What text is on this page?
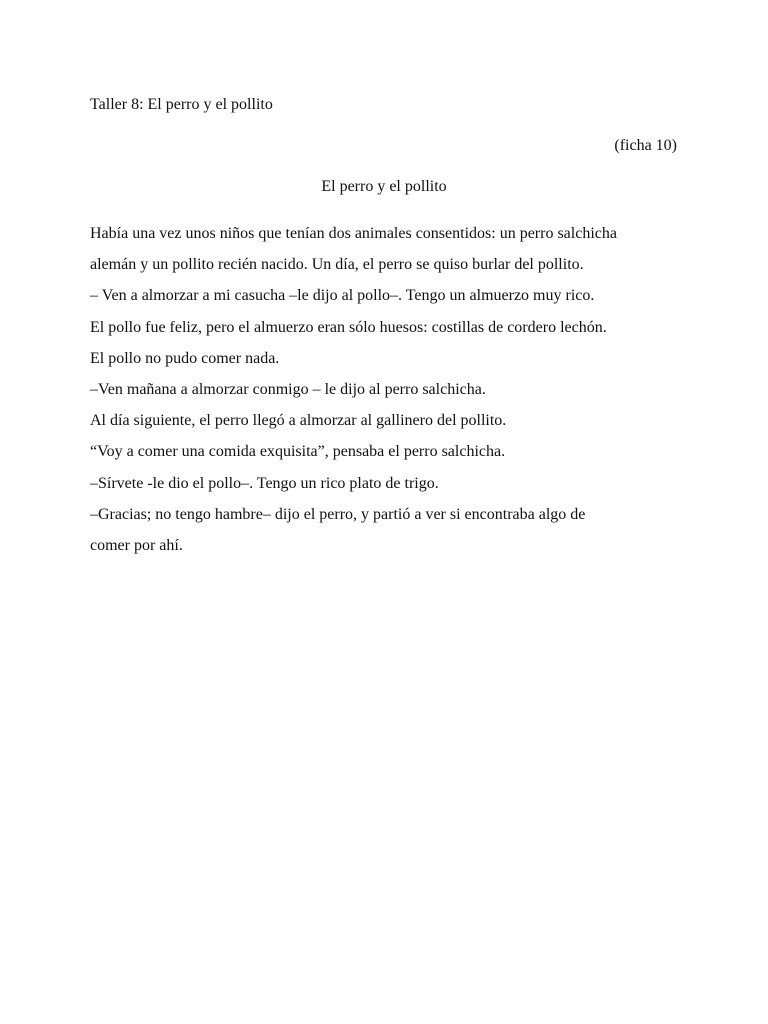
Taller 8: El perro y el pollito
(ficha 10)
El perro y el pollito
Había una vez unos niños que tenían dos animales consentidos: un perro salchicha
alemán y un pollito recién nacido. Un día, el perro se quiso burlar del pollito.
– Ven a almorzar a mi casucha –le dijo al pollo–. Tengo un almuerzo muy rico.
El pollo fue feliz, pero el almuerzo eran sólo huesos: costillas de cordero lechón.
El pollo no pudo comer nada.
–Ven mañana a almorzar conmigo – le dijo al perro salchicha.
Al día siguiente, el perro llegó a almorzar al gallinero del pollito.
“Voy a comer una comida exquisita”, pensaba el perro salchicha.
–Sírvete -le dio el pollo–. Tengo un rico plato de trigo.
–Gracias; no tengo hambre– dijo el perro, y partió a ver si encontraba algo de
comer por ahí.
